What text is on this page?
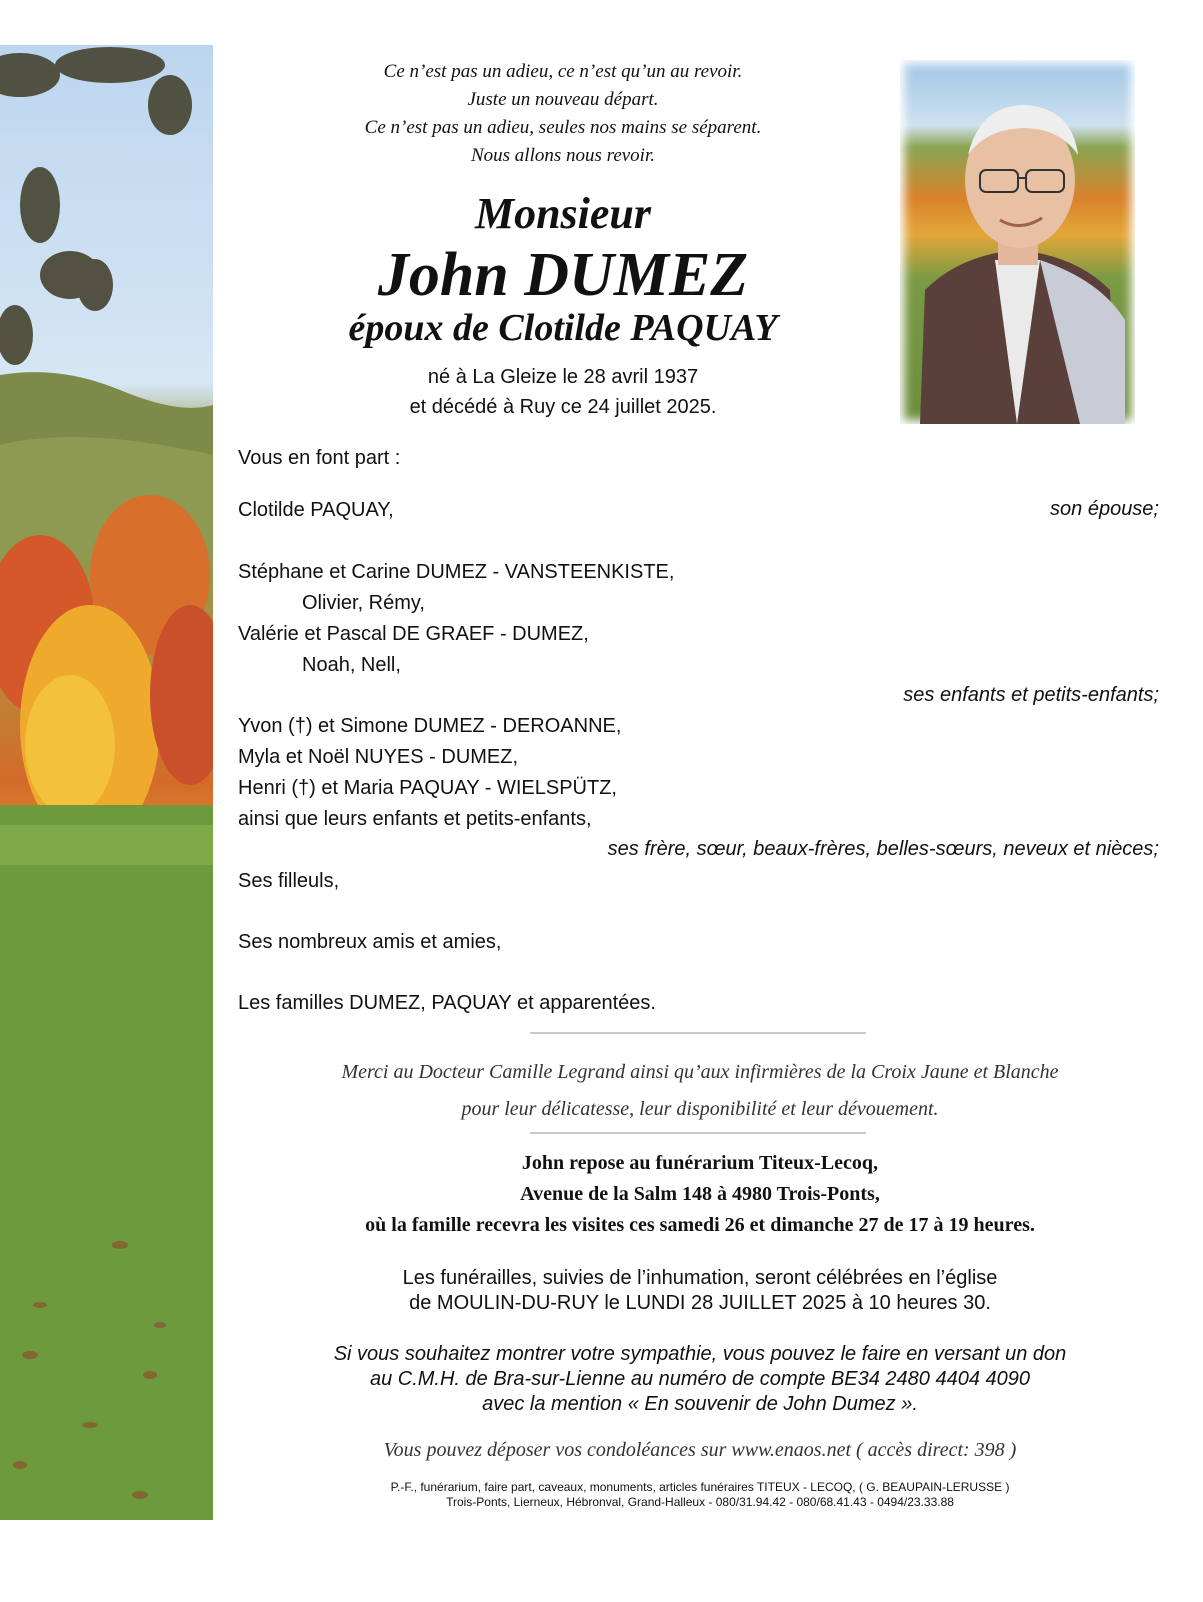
Ce n’est pas un adieu, ce n’est qu’un au revoir.
Juste un nouveau départ.
Ce n’est pas un adieu, seules nos mains se séparent.
Nous allons nous revoir.
Monsieur
John DUMEZ
époux de Clotilde PAQUAY
né à La Gleize le 28 avril 1937
et décédé à Ruy ce 24 juillet 2025.
Vous en font part :
Clotilde PAQUAY,	son épouse;
Stéphane et Carine DUMEZ - VANSTEENKISTE,
Olivier, Rémy,
Valérie et Pascal DE GRAEF - DUMEZ,
Noah, Nell,
ses enfants et petits-enfants;
Yvon (†) et Simone DUMEZ - DEROANNE,
Myla et Noël NUYES - DUMEZ,
Henri (†) et Maria PAQUAY - WIELSPÜTZ,
ainsi que leurs enfants et petits-enfants,
ses frère, sœur, beaux-frères, belles-sœurs, neveux et nièces;
Ses filleuls,
Ses nombreux amis et amies,
Les familles DUMEZ, PAQUAY et apparentées.
Merci au Docteur Camille Legrand ainsi qu’aux infirmières de la Croix Jaune et Blanche
pour leur délicatesse, leur disponibilité et leur dévouement.
John repose au funérarium Titeux-Lecoq,
Avenue de la Salm 148 à 4980 Trois-Ponts,
où la famille recevra les visites ces samedi 26 et dimanche 27 de 17 à 19 heures.
Les funérailles, suivies de l’inhumation, seront célébrées en l’église
de MOULIN-DU-RUY le LUNDI 28 JUILLET 2025 à 10 heures 30.
Si vous souhaitez montrer votre sympathie, vous pouvez le faire en versant un don
au C.M.H. de Bra-sur-Lienne au numéro de compte BE34 2480 4404 4090
avec la mention « En souvenir de John Dumez ».
Vous pouvez déposer vos condoléances sur www.enaos.net ( accès direct: 398 )
P.-F., funérarium, faire part, caveaux, monuments, articles funéraires TITEUX - LECOQ, ( G. BEAUPAIN-LERUSSE )
Trois-Ponts, Lierneux, Hébronval, Grand-Halleux - 080/31.94.42 - 080/68.41.43 - 0494/23.33.88
